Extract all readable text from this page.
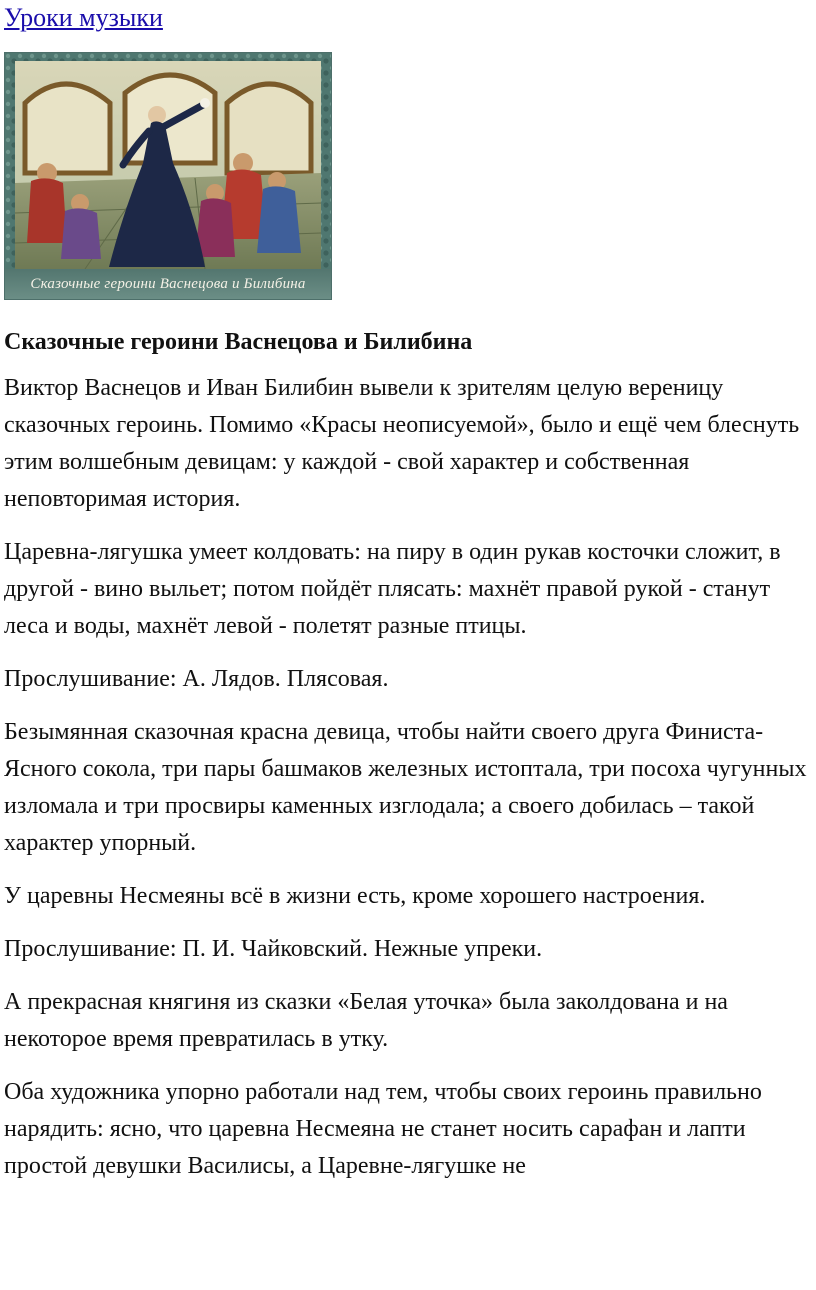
Уроки музыки
Сказочные героини Васнецова и Билибина
Сказочные героини Васнецова и Билибина

Виктор Васнецов и Иван Билибин вывели к зрителям целую вереницу сказочных героинь. Помимо «Красы неописуемой», было и ещё чем блеснуть этим волшебным девицам: у каждой - свой характер и собственная неповторимая история.

Царевна-лягушка умеет колдовать: на пиру в один рукав косточки сложит, в другой - вино выльет; потом пойдёт плясать: махнёт правой рукой - станут леса и воды, махнёт левой - полетят разные птицы.

Прослушивание: А. Лядов. Плясовая.

Безымянная сказочная красна девица, чтобы найти своего друга Финиста-Ясного сокола, три пары башмаков железных истоптала, три посоха чугунных изломала и три просвиры каменных изглодала; а своего добилась – такой характер упорный.

У царевны Несмеяны всё в жизни есть, кроме хорошего настроения.

Прослушивание: П. И. Чайковский. Нежные упреки.

А прекрасная княгиня из сказки «Белая уточка» была заколдована и на некоторое время превратилась в утку.

Оба художника упорно работали над тем, чтобы своих героинь правильно нарядить: ясно, что царевна Несмеяна не станет носить сарафан и лапти простой девушки Василисы, а Царевне-лягушке не
